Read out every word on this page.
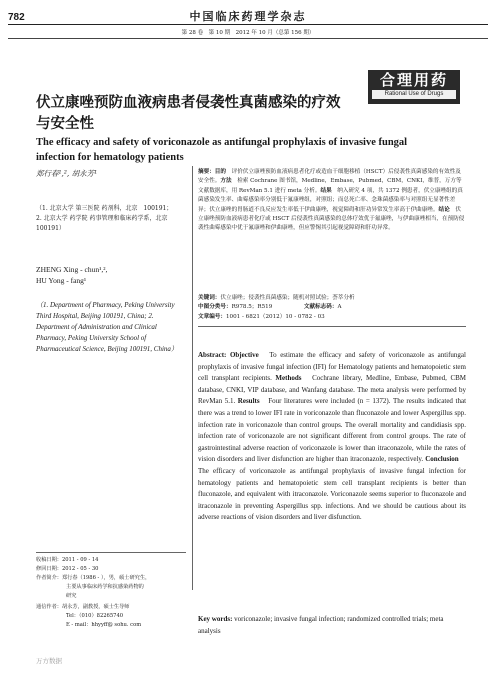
782	中国临床药理学杂志
第 28 卷　第 10 期　2012 年 10 月（总第 156 期）
合理用药
Rational Use of Drugs
伏立康唑预防血液病患者侵袭性真菌感染的疗效
与安全性
The efficacy and safety of voriconazole as antifungal prophylaxis of invasive fungal
infection for hematology patients
郑行春¹,², 胡永芳¹
（1. 北京大学 第三医院 药剂科，北京　100191；2. 北京大学 药学院 药事管理和临床药学系，北京　100191）
ZHENG Xing - chun¹,²,
HU Yong - fang¹
（1. Department of Pharmacy, Peking University Third Hospital, Beijing 100191, China; 2. Department of Administration and Clinical Pharmacy, Peking University School of Pharmaceutical Science, Beijing 100191, China）
摘要：目的　评价伏立康唑预防血液病患者化疗或造血干细胞移植（HSCT）后侵袭性真菌感染的有效性及安全性。方法　检索 Cochrane 图书馆，Medline，Embase，Pubmed，CBM，CNKI，维普，万方等文献数据库，用 RevMan 5.1 进行 meta 分析。结果　纳入研究 4 项，共 1372 例患者，伏立康唑组的真菌感染发生率、曲霉感染率分别低于氟康唑组，对照组；而总死亡率、念珠菌感染率与对照组无显著性差异；伏立康唑的胃肠道不良反应发生率低于伊曲康唑，视觉障碍和肝功异常发生率高于伊曲康唑。结论　伏立康唑预防血液病患者化疗或 HSCT 后侵袭性真菌感染的总体疗效优于氟康唑，与伊曲康唑相当，在预防侵袭性曲霉感染中优于氟康唑和伊曲康唑，但应警惕其引起视觉障碍和肝功异常。
关键词：伏立康唑；侵袭性真菌感染；随机对照试验；荟萃分析
中图分类号：R978.5；R519	文献标志码：A
文章编号：1001 - 6821（2012）10 - 0782 - 03
Abstract: Objective　To estimate the efficacy and safety of voriconazole as antifungal prophylaxis of invasive fungal infection (IFI) for Hematology patients and hematopoietic stem cell transplant recipients. Methods　Cochrane library, Medline, Embase, Pubmed, CBM database, CNKI, VIP database, and Wanfang database. The meta analysis were performed by RevMan 5.1. Results　Four literatures were included (n = 1372). The results indicated that there was a trend to lower IFI rate in voriconazole than fluconazole and lower Aspergillus spp. infection rate in voriconazole than control groups. The overall mortality and candidiasis spp. infection rate of voriconazole are not significant different from control groups. The rate of gastrointestinal adverse reaction of voriconazole is lower than itraconazole, while the rates of vision disorders and liver disfunction are higher than itraconazole, respectively. Conclusion　The efficacy of voriconazole as antifungal prophylaxis of invasive fungal infection for hematology patients and hematopoietic stem cell transplant recipients is better than fluconazole, and equivalent with itraconazole. Voriconazole seems superior to fluconazole and itraconazole in preventing Aspergillus spp. infections. And we should be cautious about its adverse reactions of vision disorders and liver disfunction.
Key words: voriconazole; invasive fungal infection; randomized controlled trials; meta analysis
收稿日期：2011 - 09 - 14
修回日期：2012 - 05 - 30
作者简介：郑行春（1986 - ），男，硕士研究生，
主要从事临床药学和抗感染药物的
研究
通信作者：胡永芳，副教授，硕士生导师
Tel：（010）82265740
E - mail：hhyyff@ sohu. com
万方数据
